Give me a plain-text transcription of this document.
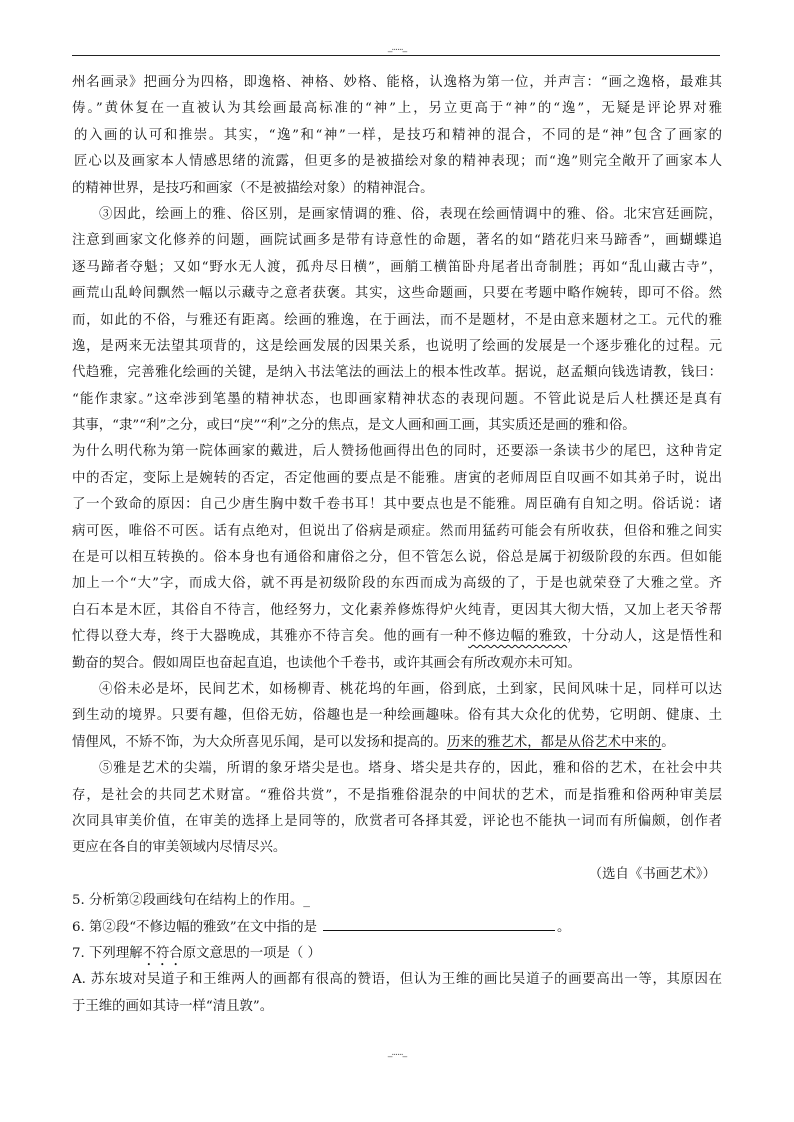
_......_
州名画录》把画分为四格，即逸格、神格、妙格、能格，认逸格为第一位，并声言：“画之逸格，最难其
俦。”黄休复在一直被认为其绘画最高标准的“神”上，另立更高于“神”的“逸”，无疑是评论界对雅
的入画的认可和推崇。其实，“逸”和“神”一样，是技巧和精神的混合，不同的是“神”包含了画家的
匠心以及画家本人情感思绪的流露，但更多的是被描绘对象的精神表现；而“逸”则完全敞开了画家本人
的精神世界，是技巧和画家（不是被描绘对象）的精神混合。
③因此，绘画上的雅、俗区别，是画家情调的雅、俗，表现在绘画情调中的雅、俗。北宋宫廷画院，
注意到画家文化修养的问题，画院试画多是带有诗意性的命题，著名的如“踏花归来马蹄香”，画蝴蝶追
逐马蹄者夺魁；又如“野水无人渡，孤舟尽日横”，画艄工横笛卧舟尾者出奇制胜；再如“乱山藏古寺”，
画荒山乱岭间飘然一幅以示藏寺之意者获褒。其实，这些命题画，只要在考题中略作婉转，即可不俗。然
而，如此的不俗，与雅还有距离。绘画的雅逸，在于画法，而不是题材，不是由意来题材之工。元代的雅
逸，是两来无法望其项背的，这是绘画发展的因果关系，也说明了绘画的发展是一个逐步雅化的过程。元
代趋雅，完善雅化绘画的关键，是纳入书法笔法的画法上的根本性改革。据说，赵孟頫向钱选请教，钱曰：
“能作隶家。”这牵涉到笔墨的精神状态，也即画家精神状态的表现问题。不管此说是后人杜撰还是真有
其事，“隶”“利”之分，或曰“戾”“利”之分的焦点，是文人画和画工画，其实质还是画的雅和俗。
为什么明代称为第一院体画家的戴进，后人赞扬他画得出色的同时，还要添一条读书少的尾巴，这种肯定
中的否定，变际上是婉转的否定，否定他画的要点是不能雅。唐寅的老师周臣自叹画不如其弟子时，说出
了一个致命的原因：自己少唐生胸中数千卷书耳！其中要点也是不能雅。周臣确有自知之明。俗话说：诸
病可医，唯俗不可医。话有点绝对，但说出了俗病是顽症。然而用猛药可能会有所收获，但俗和雅之间实
在是可以相互转换的。俗本身也有通俗和庸俗之分，但不管怎么说，俗总是属于初级阶段的东西。但如能
加上一个“大”字，而成大俗，就不再是初级阶段的东西而成为高级的了，于是也就荣登了大雅之堂。齐
白石本是木匠，其俗自不待言，他经努力，文化素养修炼得炉火纯青，更因其大彻大悟，又加上老天爷帮
忙得以登大寿，终于大器晚成，其雅亦不待言矣。他的画有一种不修边幅的雅致，十分动人，这是悟性和
勤奋的契合。假如周臣也奋起直追，也读他个千卷书，或许其画会有所改观亦未可知。
④俗未必是坏，民间艺术，如杨柳青、桃花坞的年画，俗到底，土到家，民间风味十足，同样可以达
到生动的境界。只要有趣，但俗无妨，俗趣也是一种绘画趣味。俗有其大众化的优势，它明朗、健康、土
情俚风，不矫不饰，为大众所喜见乐闻，是可以发扬和提高的。历来的雅艺术，都是从俗艺术中来的。
⑤雅是艺术的尖端，所谓的象牙塔尖是也。塔身、塔尖是共存的，因此，雅和俗的艺术，在社会中共
存，是社会的共同艺术财富。“雅俗共赏”，不是指雅俗混杂的中间状的艺术，而是指雅和俗两种审美层
次同具审美价值，在审美的选择上是同等的，欣赏者可各择其爱，评论也不能执一词而有所偏颇，创作者
更应在各自的审美领域内尽情尽兴。
（选自《书画艺术》）
5. 分析第②段画线句在结构上的作用。_
6. 第②段“不修边幅的雅致”在文中指的是	。
7. 下列理解不符合原文意思的一项是（ ）
A. 苏东坡对吴道子和王维两人的画都有很高的赞语，但认为王维的画比吴道子的画要高出一等，其原因在
于王维的画如其诗一样“清且敦”。
_......_
